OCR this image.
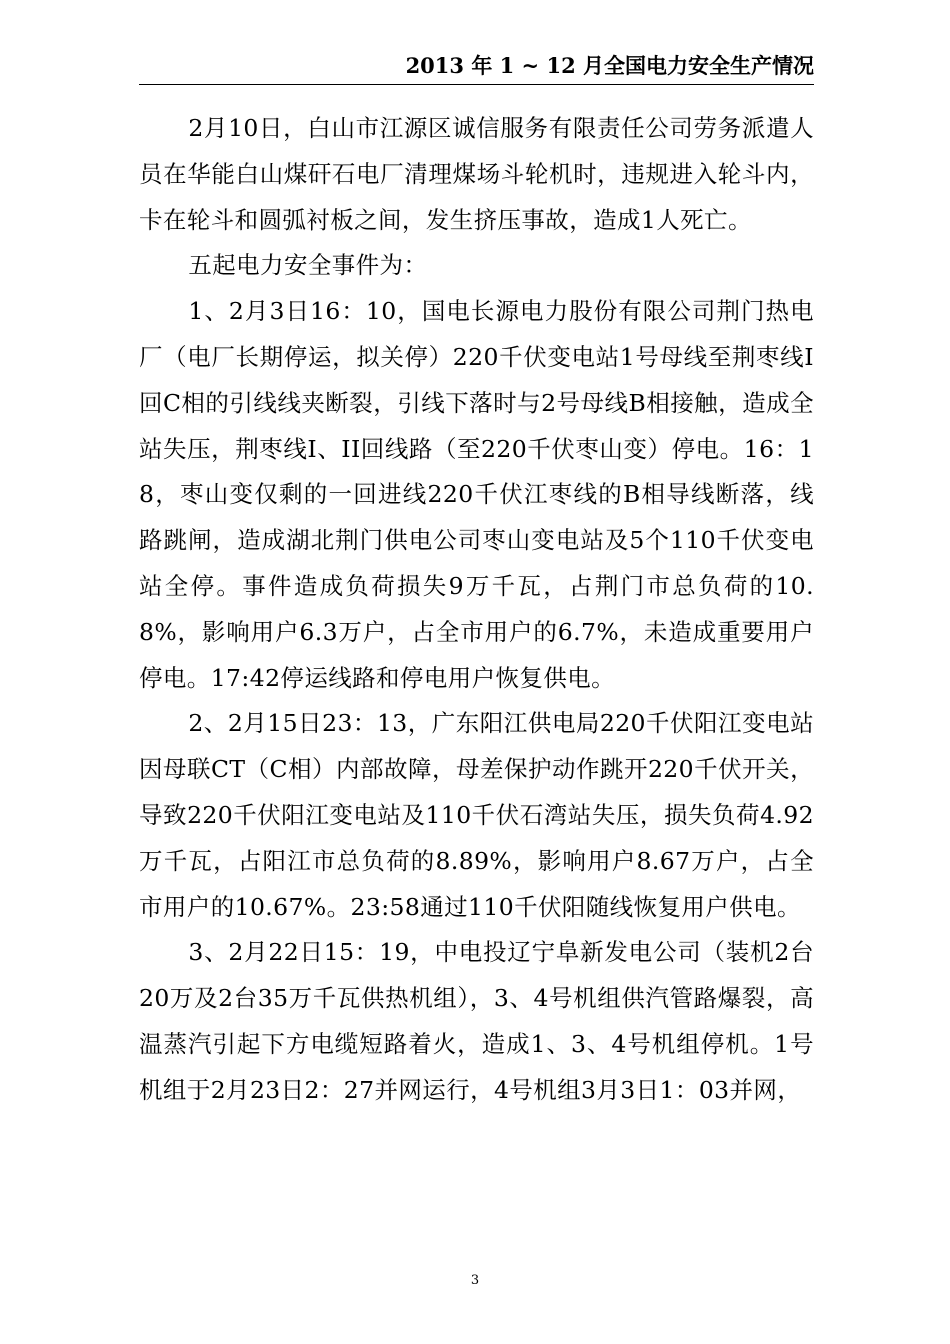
2013 年 1 ~ 12 月全国电力安全生产情况

2月10日，白山市江源区诚信服务有限责任公司劳务派遣人员在华能白山煤矸石电厂清理煤场斗轮机时，违规进入轮斗内，卡在轮斗和圆弧衬板之间，发生挤压事故，造成1人死亡。

五起电力安全事件为：

1、2月3日16：10，国电长源电力股份有限公司荆门热电厂（电厂长期停运，拟关停）220千伏变电站1号母线至荆枣线I回C相的引线线夹断裂，引线下落时与2号母线B相接触，造成全站失压，荆枣线I、II回线路（至220千伏枣山变）停电。16：18，枣山变仅剩的一回进线220千伏江枣线的B相导线断落，线路跳闸，造成湖北荆门供电公司枣山变电站及5个110千伏变电站全停。事件造成负荷损失9万千瓦，占荆门市总负荷的10.8%，影响用户6.3万户，占全市用户的6.7%，未造成重要用户停电。17:42停运线路和停电用户恢复供电。

2、2月15日23：13，广东阳江供电局220千伏阳江变电站因母联CT（C相）内部故障，母差保护动作跳开220千伏开关，导致220千伏阳江变电站及110千伏石湾站失压，损失负荷4.92万千瓦，占阳江市总负荷的8.89%，影响用户8.67万户，占全市用户的10.67%。23:58通过110千伏阳随线恢复用户供电。

3、2月22日15：19，中电投辽宁阜新发电公司（装机2台20万及2台35万千瓦供热机组），3、4号机组供汽管路爆裂，高温蒸汽引起下方电缆短路着火，造成1、3、4号机组停机。1号机组于2月23日2：27并网运行，4号机组3月3日1：03并网，

3
